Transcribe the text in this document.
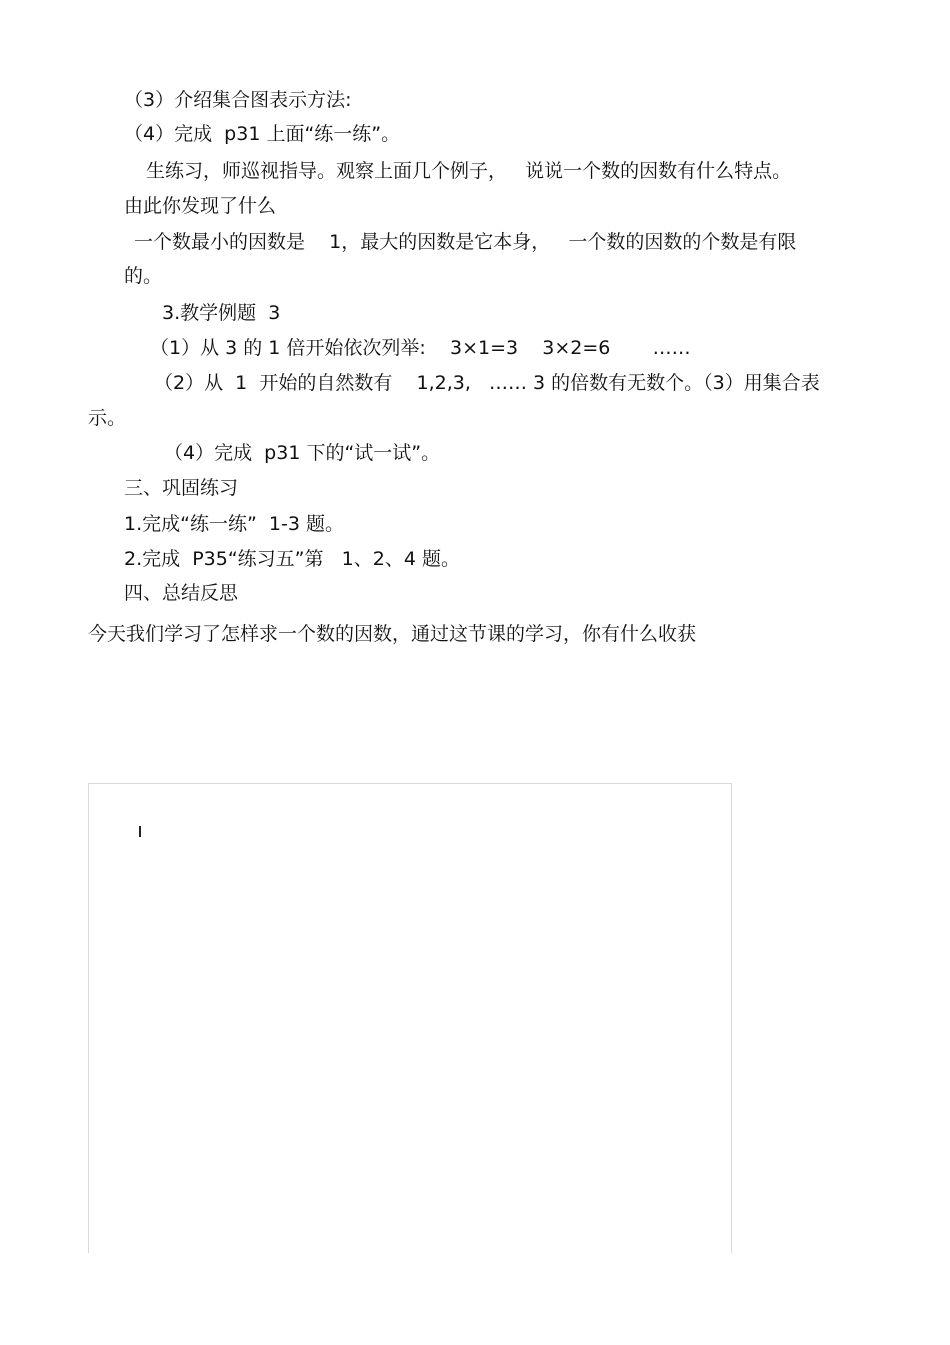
（3）介绍集合图表示方法:
（4）完成  p31 上面“练一练”。
生练习，师巡视指导。观察上面几个例子，   说说一个数的因数有什么特点。
由此你发现了什么
一个数最小的因数是    1，最大的因数是它本身，   一个数的因数的个数是有限
的。
3.教学例题  3
（1）从 3 的 1 倍开始依次列举:    3×1=3    3×2=6       ……
（2）从  1  开始的自然数有    1,2,3,   …… 3 的倍数有无数个。（3）用集合表
示。
（4）完成  p31 下的“试一试”。
三、巩固练习
1.完成“练一练”  1-3 题。
2.完成  P35“练习五”第   1、2、4 题。
四、总结反思
今天我们学习了怎样求一个数的因数，通过这节课的学习，你有什么收获
